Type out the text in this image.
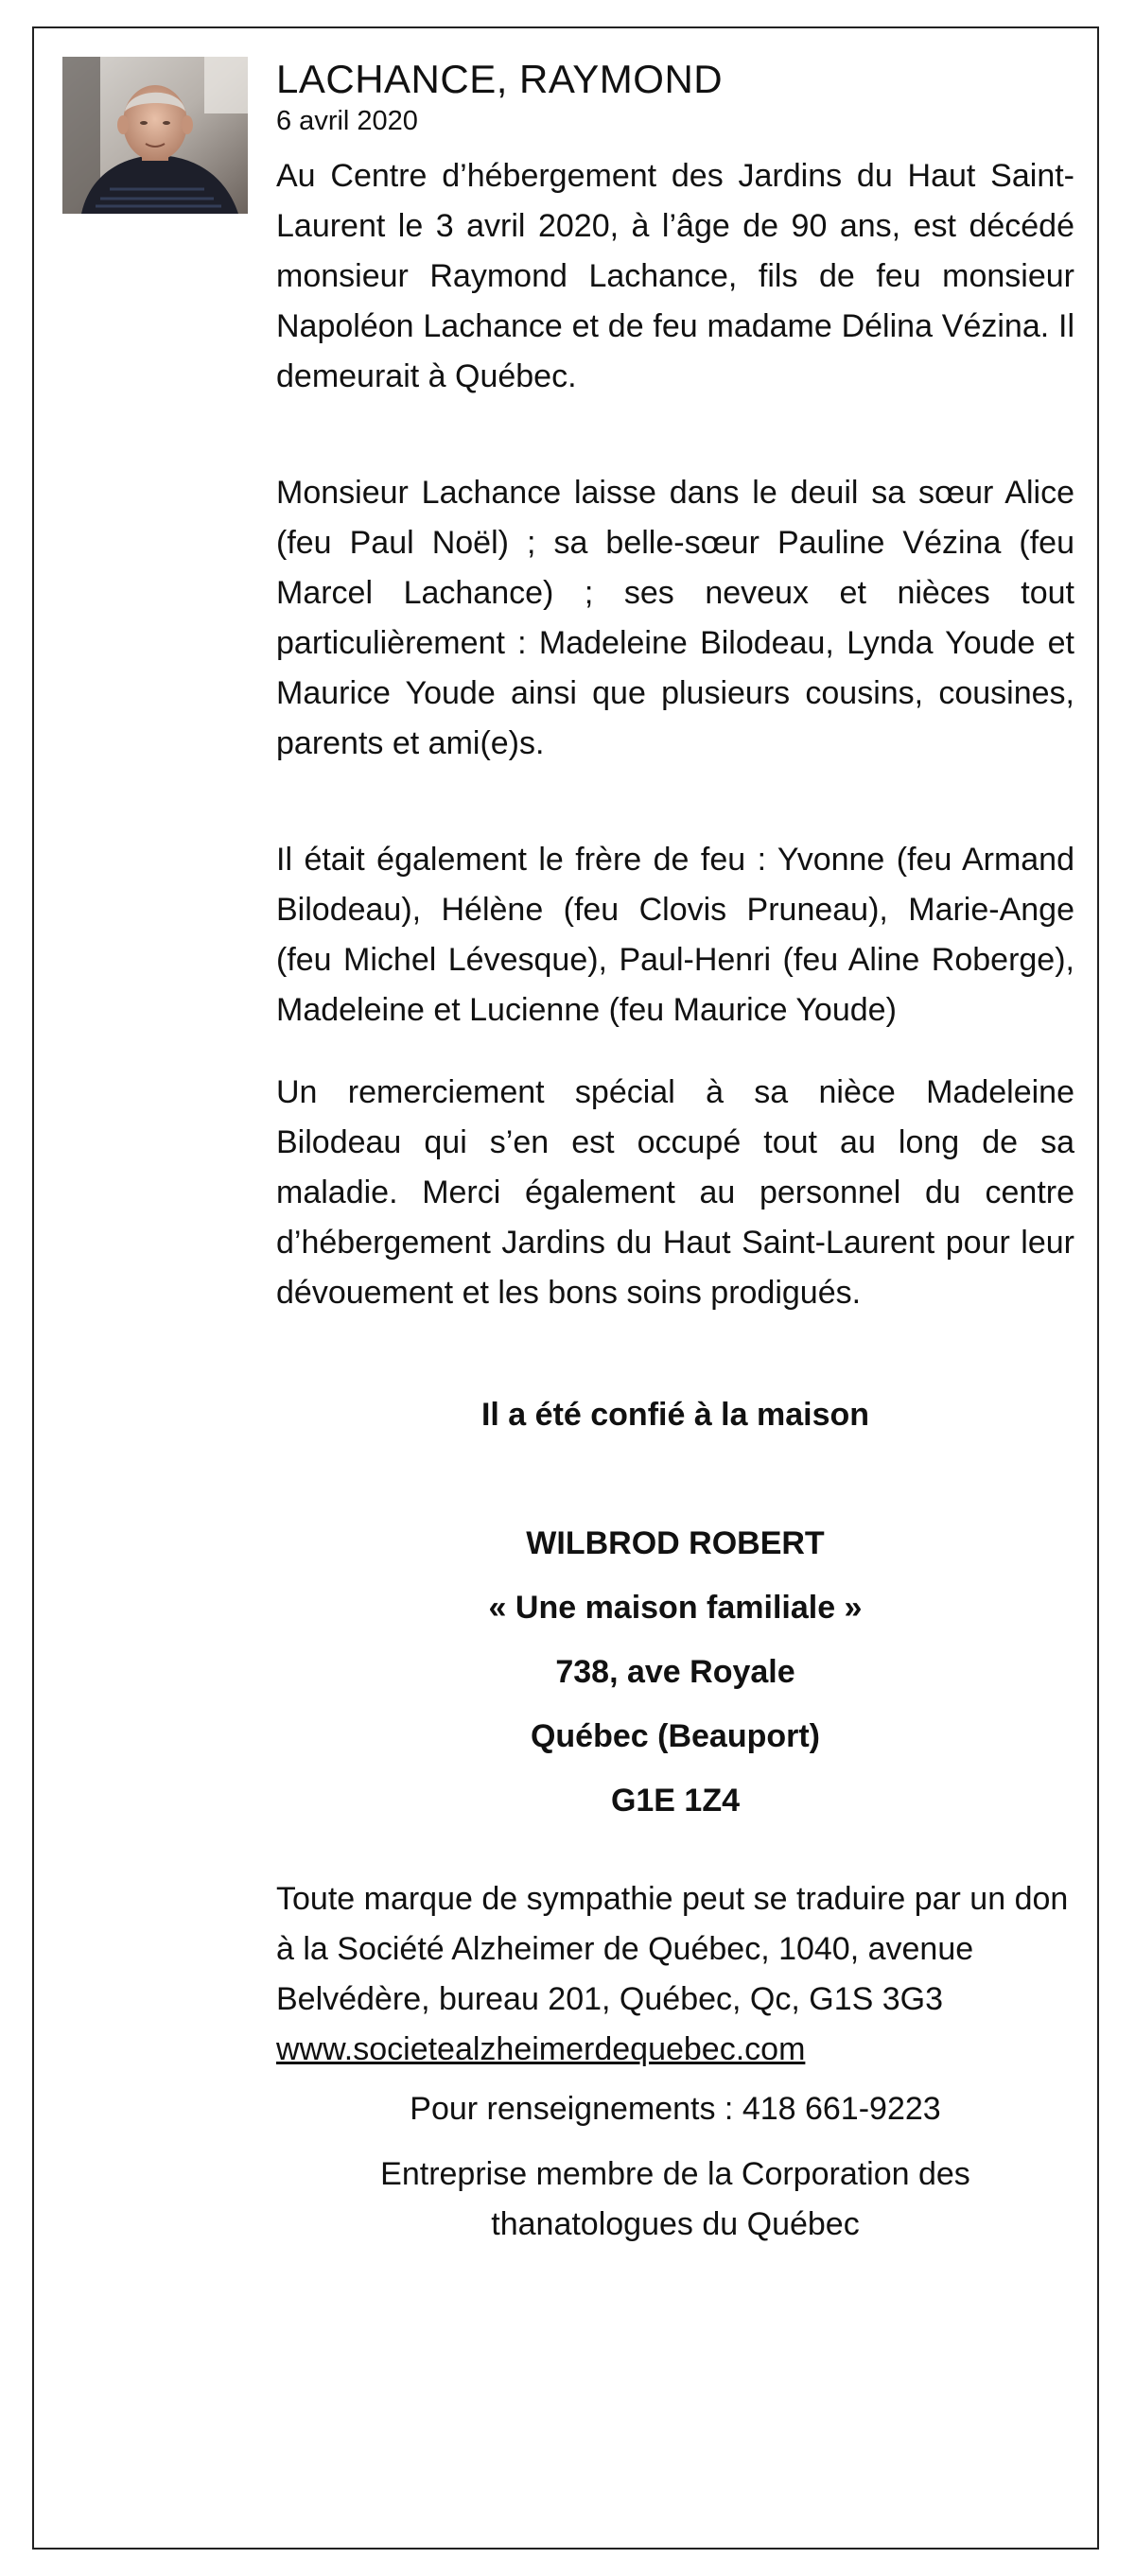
LACHANCE, RAYMOND

6 avril 2020

Au Centre d’hébergement des Jardins du Haut Saint-Laurent le 3 avril 2020, à l’âge de 90 ans, est décédé monsieur Raymond Lachance, fils de feu monsieur Napoléon Lachance et de feu madame Délina Vézina. Il demeurait à Québec.

Monsieur Lachance laisse dans le deuil sa sœur Alice (feu Paul Noël) ; sa belle-sœur Pauline Vézina (feu Marcel Lachance) ; ses neveux et nièces tout particulièrement : Madeleine Bilodeau, Lynda Youde et Maurice Youde ainsi que plusieurs cousins, cousines, parents et ami(e)s.

Il était également le frère de feu : Yvonne (feu Armand Bilodeau), Hélène (feu Clovis Pruneau), Marie-Ange (feu Michel Lévesque), Paul-Henri (feu Aline Roberge), Madeleine et Lucienne (feu Maurice Youde)

Un remerciement spécial à sa nièce Madeleine Bilodeau qui s’en est occupé tout au long de sa maladie. Merci également au personnel du centre d’hébergement Jardins du Haut Saint-Laurent pour leur dévouement et les bons soins prodigués.

Il a été confié à la maison

WILBROD ROBERT

« Une maison familiale »

738, ave Royale

Québec (Beauport)

G1E 1Z4

Toute marque de sympathie peut se traduire par un don à la Société Alzheimer de Québec, 1040, avenue Belvédère, bureau 201, Québec, Qc, G1S 3G3 www.societealzheimerdequebec.com

Pour renseignements : 418 661-9223

Entreprise membre de la Corporation des thanatologues du Québec
